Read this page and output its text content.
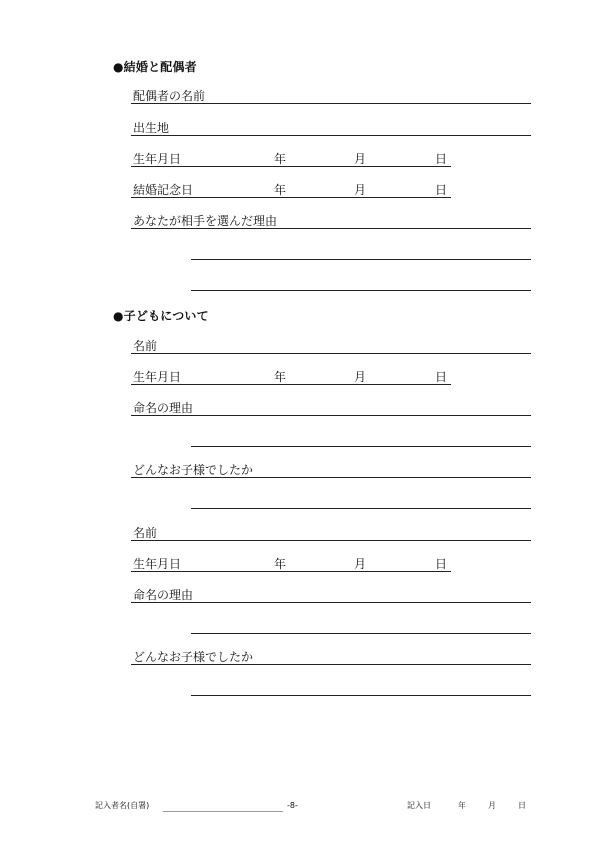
●結婚と配偶者
配偶者の名前
出生地
生年月日	年	月	日
結婚記念日	年	月	日
あなたが相手を選んだ理由
●子どもについて
名前
生年月日	年	月	日
命名の理由
どんなお子様でしたか
名前
生年月日	年	月	日
命名の理由
どんなお子様でしたか
記入者名(自署)	-8-	記入日	年	月	日
